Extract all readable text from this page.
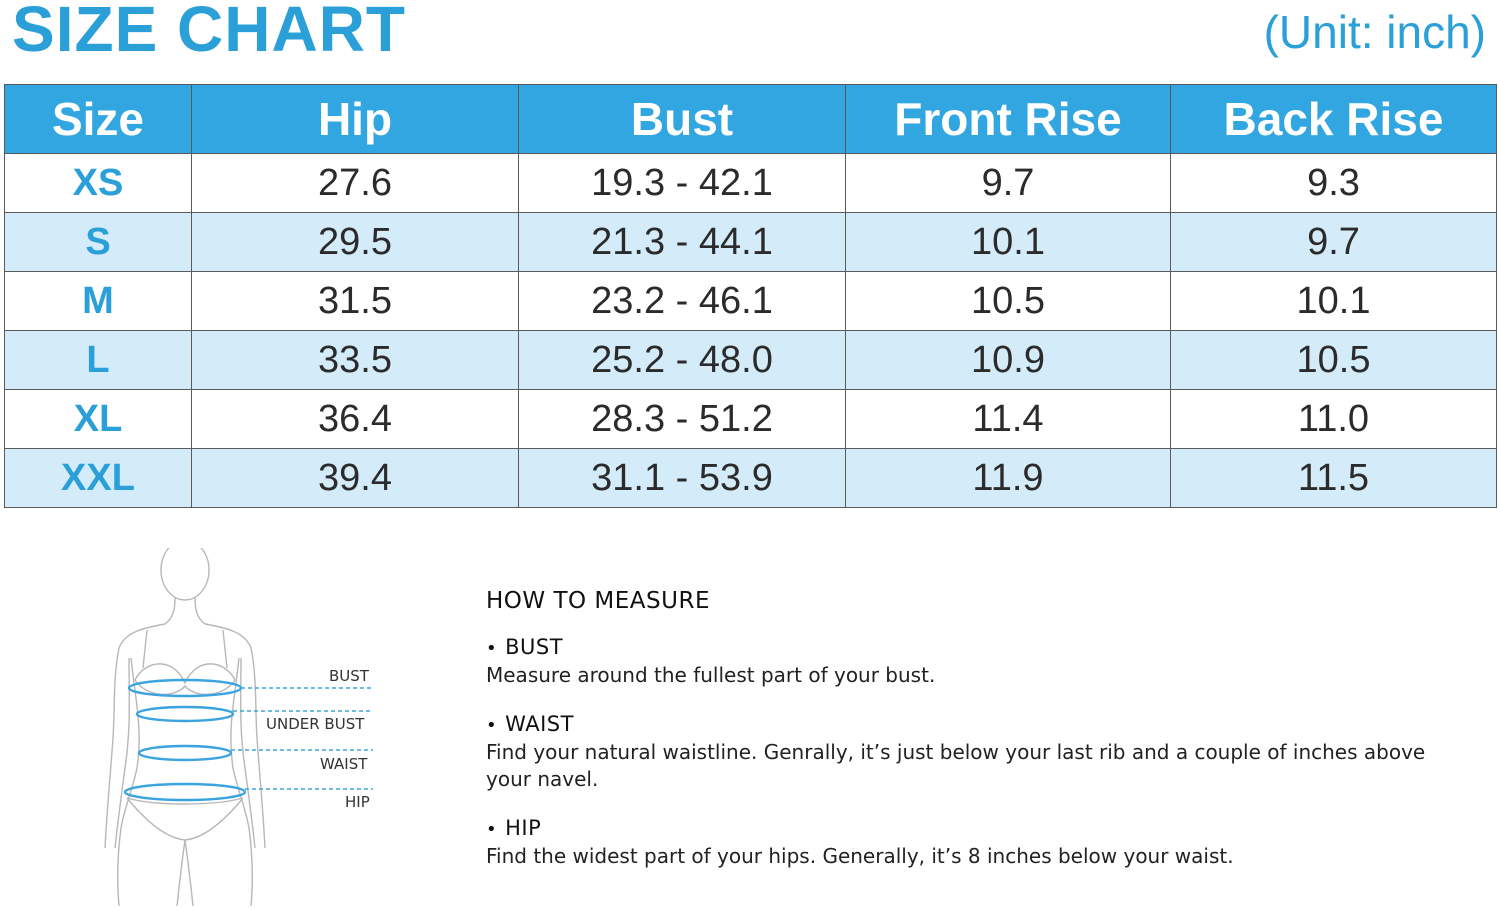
SIZE CHART	(Unit: inch)
Size	Hip	Bust	Front Rise	Back Rise
XS	27.6	19.3 - 42.1	9.7	9.3
S	29.5	21.3 - 44.1	10.1	9.7
M	31.5	23.2 - 46.1	10.5	10.1
L	33.5	25.2 - 48.0	10.9	10.5
XL	36.4	28.3 - 51.2	11.4	11.0
XXL	39.4	31.1 - 53.9	11.9	11.5
BUST
UNDER BUST
WAIST
HIP
HOW TO MEASURE
• BUST
Measure around the fullest part of your bust.
• WAIST
Find your natural waistline. Genrally, it’s just below your last rib and a couple of inches above your navel.
• HIP
Find the widest part of your hips. Generally, it’s 8 inches below your waist.
